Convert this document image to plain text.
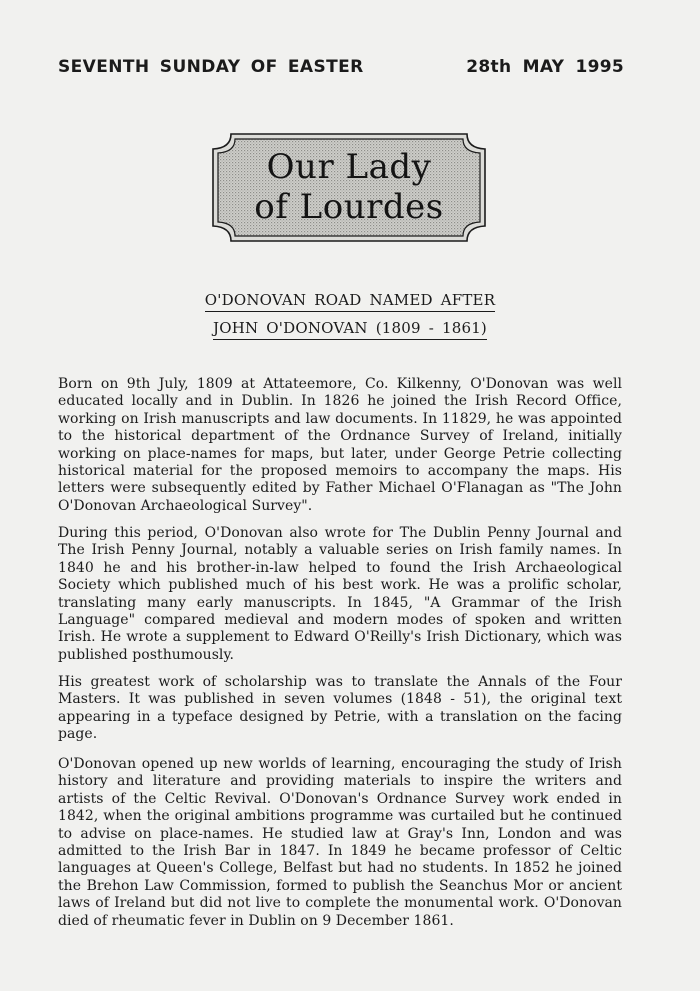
SEVENTH SUNDAY OF EASTER	28th MAY 1995
Our Lady
of Lourdes
O'DONOVAN ROAD NAMED AFTER
JOHN O'DONOVAN (1809 - 1861)

Born on 9th July, 1809 at Attateemore, Co. Kilkenny, O'Donovan was well educated locally and in Dublin. In 1826 he joined the Irish Record Office, working on Irish manuscripts and law documents. In 11829, he was appointed to the historical department of the Ordnance Survey of Ireland, initially working on place-names for maps, but later, under George Petrie collecting historical material for the proposed memoirs to accompany the maps. His letters were subsequently edited by Father Michael O'Flanagan as "The John O'Donovan Archaeological Survey".

During this period, O'Donovan also wrote for The Dublin Penny Journal and The Irish Penny Journal, notably a valuable series on Irish family names. In 1840 he and his brother-in-law helped to found the Irish Archaeological Society which published much of his best work. He was a prolific scholar, translating many early manuscripts. In 1845, "A Grammar of the Irish Language" compared medieval and modern modes of spoken and written Irish. He wrote a supplement to Edward O'Reilly's Irish Dictionary, which was published posthumously.

His greatest work of scholarship was to translate the Annals of the Four Masters. It was published in seven volumes (1848 - 51), the original text appearing in a typeface designed by Petrie, with a translation on the facing page.

O'Donovan opened up new worlds of learning, encouraging the study of Irish history and literature and providing materials to inspire the writers and artists of the Celtic Revival. O'Donovan's Ordnance Survey work ended in 1842, when the original ambitions programme was curtailed but he continued to advise on place-names. He studied law at Gray's Inn, London and was admitted to the Irish Bar in 1847. In 1849 he became professor of Celtic languages at Queen's College, Belfast but had no students. In 1852 he joined the Brehon Law Commission, formed to publish the Seanchus Mor or ancient laws of Ireland but did not live to complete the monumental work. O'Donovan died of rheumatic fever in Dublin on 9 December 1861.
